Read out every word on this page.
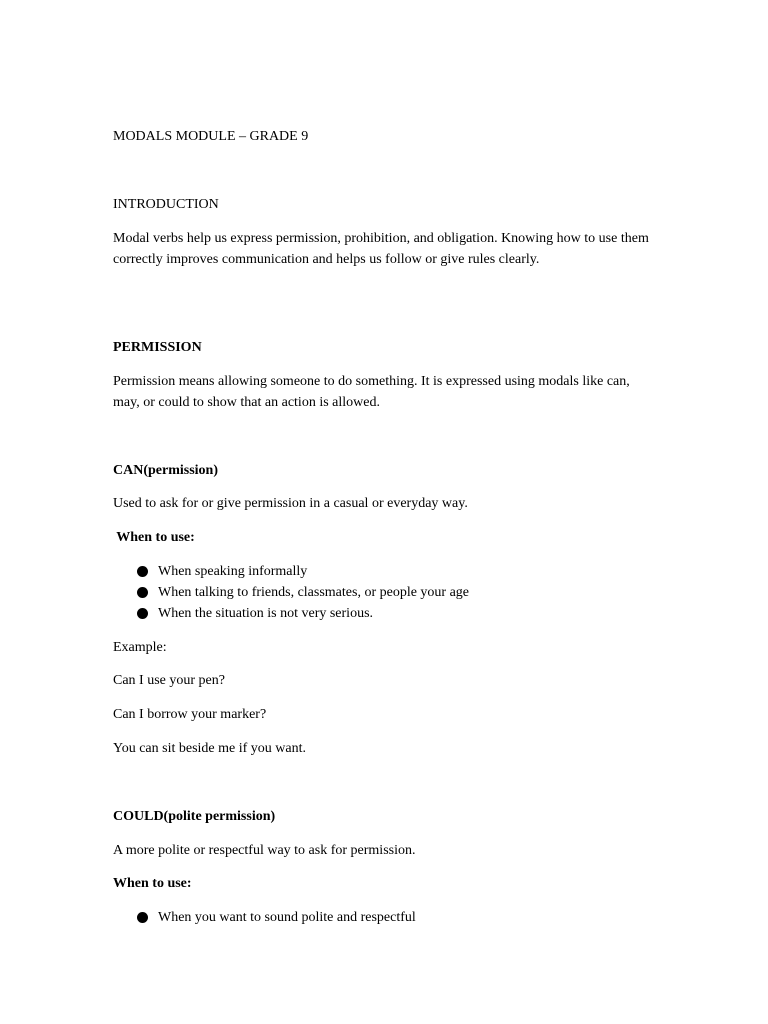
MODALS MODULE – GRADE 9

INTRODUCTION

Modal verbs help us express permission, prohibition, and obligation. Knowing how to use them correctly improves communication and helps us follow or give rules clearly.

PERMISSION

Permission means allowing someone to do something. It is expressed using modals like can, may, or could to show that an action is allowed.

CAN(permission)

Used to ask for or give permission in a casual or everyday way.

When to use:

When speaking informally
When talking to friends, classmates, or people your age
When the situation is not very serious.

Example:

Can I use your pen?

Can I borrow your marker?

You can sit beside me if you want.

COULD(polite permission)

A more polite or respectful way to ask for permission.

When to use:

When you want to sound polite and respectful
